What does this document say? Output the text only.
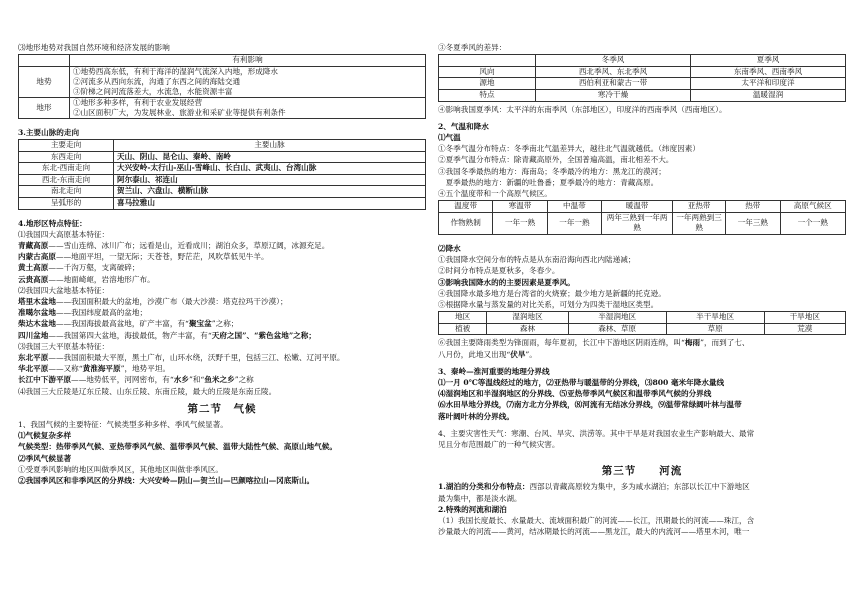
⑶地形地势对我国自然环境和经济发展的影响
	有利影响
地势	①地势西高东低，有利于海洋的湿润气流深入内地，形成降水
②河流多从西向东流，沟通了东西之间的海陆交通
③阶梯之间河流落差大，水流急，水能资源丰富

地形	①地形多种多样，有利于农业发展经营
②山区面积广大，为发展林业、旅游业和采矿业等提供有利条件
3.主要山脉的走向
主要走向	主要山脉
东西走向	天山、阴山、昆仑山、秦岭、南岭
东北-西南走向	大兴安岭-太行山-巫山-雪峰山、长白山、武夷山、台湾山脉
西北-东南走向	阿尔泰山、祁连山
南北走向	贺兰山、六盘山、横断山脉
呈弧形的	喜马拉雅山
4.地形区特点特征：
⑴我国四大高原基本特征：
青藏高原——雪山连绵、冰川广布；远看是山，近看成川；湖泊众多，草原辽阔，冰源充足。
内蒙古高原——地面平坦，一望无际；天苍苍，野茫茫，风吹草低见牛羊。
黄土高原——千沟万壑，支离破碎；
云贵高原——地面崎岖，岩溶地形广布。
⑵我国四大盆地基本特征：
塔里木盆地——我国面积最大的盆地，沙漠广布（最大沙漠：塔克拉玛干沙漠）；
准噶尔盆地——我国纬度最高的盆地；
柴达木盆地——我国海拔最高盆地，矿产丰富，有“聚宝盆”之称；
四川盆地——我国第四大盆地，海拔最低，物产丰富，有“天府之国”、“紫色盆地”之称；
⑶我国三大平原基本特征：
东北平原——我国面积最大平原，黑土广布，山环水绕，沃野千里，包括三江、松嫩、辽河平原。
华北平原——又称“黄淮海平原”，地势平坦。
长江中下游平原——地势低平，河网密布，有“水乡”和“鱼米之乡”之称
⑷我国三大丘陵是辽东丘陵、山东丘陵、东南丘陵，最大的丘陵是东南丘陵。
第二节　气候
1、我国气候的主要特征：气候类型多种多样、季风气候显著。
⑴气候复杂多样
气候类型：热带季风气候、亚热带季风气候、温带季风气候、温带大陆性气候、高原山地气候。
⑵季风气候显著
①受夏季风影响的地区叫做季风区，其他地区叫做非季风区。
②我国季风区和非季风区的分界线：大兴安岭—阴山—贺兰山—巴颜喀拉山—冈底斯山。
③冬夏季风的差异：
	冬季风	夏季风
风向	西北季风、东北季风	东南季风、西南季风
源地	西伯利亚和蒙古一带	太平洋和印度洋
特点	寒冷干燥	温暖湿润
④影响我国夏季风：太平洋的东南季风（东部地区），印度洋的西南季风（西南地区）。
2、气温和降水
⑴气温
①冬季气温分布特点：冬季南北气温差异大，越往北气温就越低。（纬度因素）
②夏季气温分布特点：除青藏高原外，全国普遍高温，南北相差不大。
③我国冬季最热的地方：海南岛；冬季最冷的地方：黑龙江的漠河；
　夏季最热的地方：新疆的吐鲁番；夏季最冷的地方：青藏高原。
④五个温度带和一个高原气候区。
温度带	寒温带	中温带	暖温带	亚热带	热带	高原气候区
作物熟制	一年一熟	一年一熟	两年三熟到一年两熟	一年两熟到三熟	一年三熟	一个一熟
⑵降水
①我国降水空间分布的特点是从东南沿海向西北内陆递减；
②时间分布特点是夏秋多，冬春少。
③影响我国降水的的主要因素是夏季风。
④我国降水最多地方是台湾省的火烧寮；最少地方是新疆的托克逊。
⑤根据降水量与蒸发量的对比关系，可划分为四类干湿地区类型。
地区	湿润地区	半湿润地区	半干旱地区	干旱地区
植被	森林	森林、草原	草原	荒漠
⑥我国主要降雨类型为锋面雨，每年夏初，长江中下游地区阴雨连绵，叫“梅雨”，而到了七、
八月份，此地又出现“伏旱”。
3、秦岭—淮河重要的地理分界线
⑴一月 0℃等温线经过的地方，⑵亚热带与暖温带的分界线，⑶800 毫米年降水量线
⑷湿润地区和半湿润地区的分界线、⑸亚热带季风气候区和温带季风气候的分界线
⑹水田旱地分界线，⑺南方北方分界线，⑻河流有无结冰分界线，⑼温带常绿阔叶林与温带
落叶阔叶林的分界线。
4、主要灾害性天气：寒潮、台风、旱灾、洪涝等。其中干旱是对我国农业生产影响最大、最常
见且分布范围最广的一种气候灾害。
第三节　　河流
1.湖泊的分类和分布特点：西部以青藏高原较为集中，多为咸水湖泊；东部以长江中下游地区
最为集中，都是淡水湖。
2.特殊的河流和湖泊
（1）我国长度最长、水量最大、流域面积最广的河流——长江，汛期最长的河流——珠江，含
沙量最大的河流——黄河，结冰期最长的河流——黑龙江，最大的内流河——塔里木河，唯一
